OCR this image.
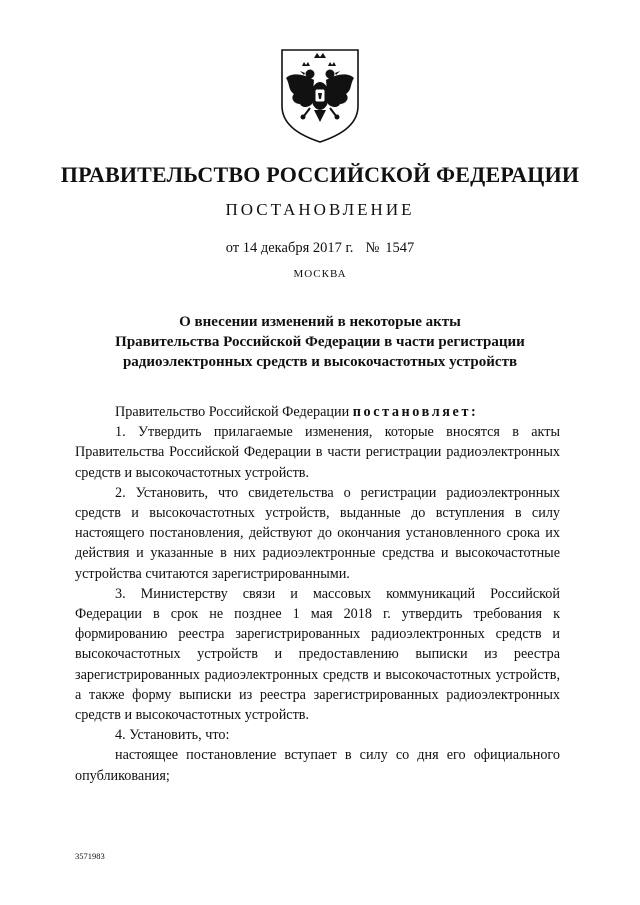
ПРАВИТЕЛЬСТВО РОССИЙСКОЙ ФЕДЕРАЦИИ
ПОСТАНОВЛЕНИЕ
от 14 декабря 2017 г. № 1547
МОСКВА
О внесении изменений в некоторые акты
Правительства Российской Федерации в части регистрации
радиоэлектронных средств и высокочастотных устройств

Правительство Российской Федерации постановляет:

1. Утвердить прилагаемые изменения, которые вносятся в акты Правительства Российской Федерации в части регистрации радиоэлектронных средств и высокочастотных устройств.

2. Установить, что свидетельства о регистрации радиоэлектронных средств и высокочастотных устройств, выданные до вступления в силу настоящего постановления, действуют до окончания установленного срока их действия и указанные в них радиоэлектронные средства и высокочастотные устройства считаются зарегистрированными.

3. Министерству связи и массовых коммуникаций Российской Федерации в срок не позднее 1 мая 2018 г. утвердить требования к формированию реестра зарегистрированных радиоэлектронных средств и высокочастотных устройств и предоставлению выписки из реестра зарегистрированных радиоэлектронных средств и высокочастотных устройств, а также форму выписки из реестра зарегистрированных радиоэлектронных средств и высокочастотных устройств.

4. Установить, что:

настоящее постановление вступает в силу со дня его официального опубликования;

3571983
